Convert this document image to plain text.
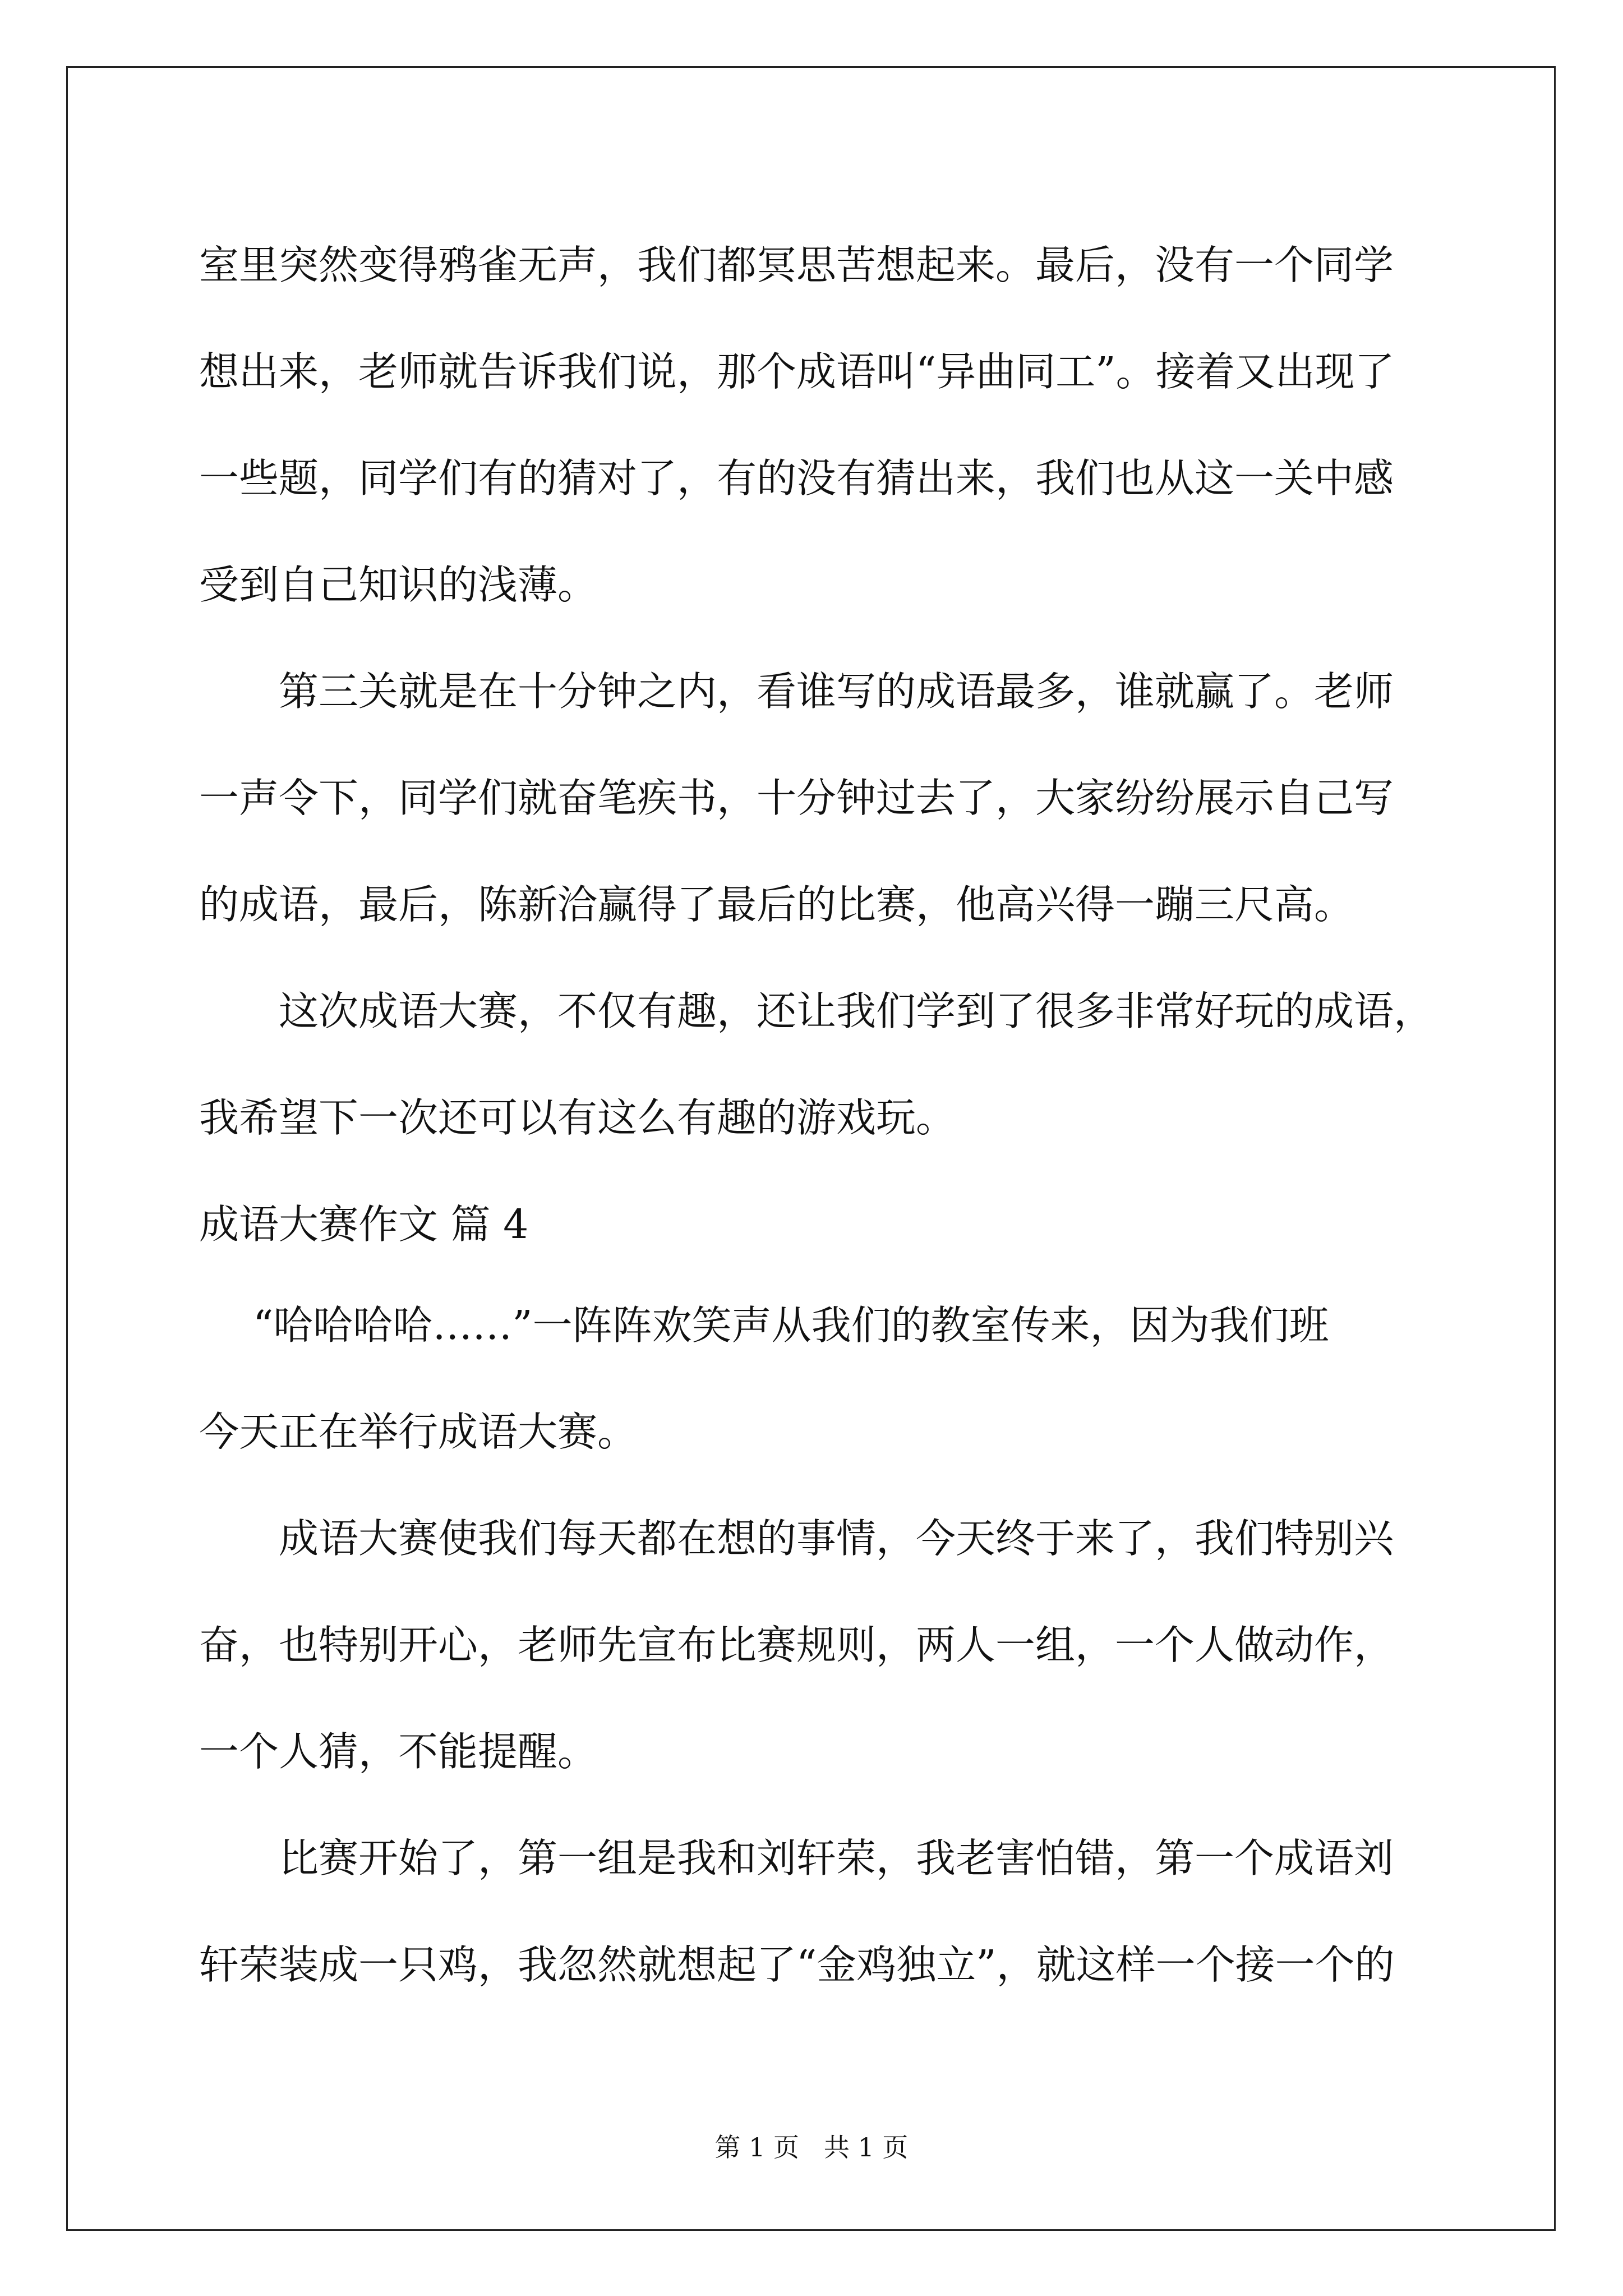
室里突然变得鸦雀无声，我们都冥思苦想起来。最后，没有一个同学
想出来，老师就告诉我们说，那个成语叫“异曲同工”。接着又出现了
一些题，同学们有的猜对了，有的没有猜出来，我们也从这一关中感
受到自己知识的浅薄。
第三关就是在十分钟之内，看谁写的成语最多，谁就赢了。老师
一声令下，同学们就奋笔疾书，十分钟过去了，大家纷纷展示自己写
的成语，最后，陈新洽赢得了最后的比赛，他高兴得一蹦三尺高。
这次成语大赛，不仅有趣，还让我们学到了很多非常好玩的成语，
我希望下一次还可以有这么有趣的游戏玩。
成语大赛作文 篇 4
“哈哈哈哈……”一阵阵欢笑声从我们的教室传来，因为我们班
今天正在举行成语大赛。
成语大赛使我们每天都在想的事情，今天终于来了，我们特别兴
奋，也特别开心，老师先宣布比赛规则，两人一组，一个人做动作，
一个人猜，不能提醒。
比赛开始了，第一组是我和刘轩荣，我老害怕错，第一个成语刘
轩荣装成一只鸡，我忽然就想起了“金鸡独立”，就这样一个接一个的
第 1 页   共 1 页
